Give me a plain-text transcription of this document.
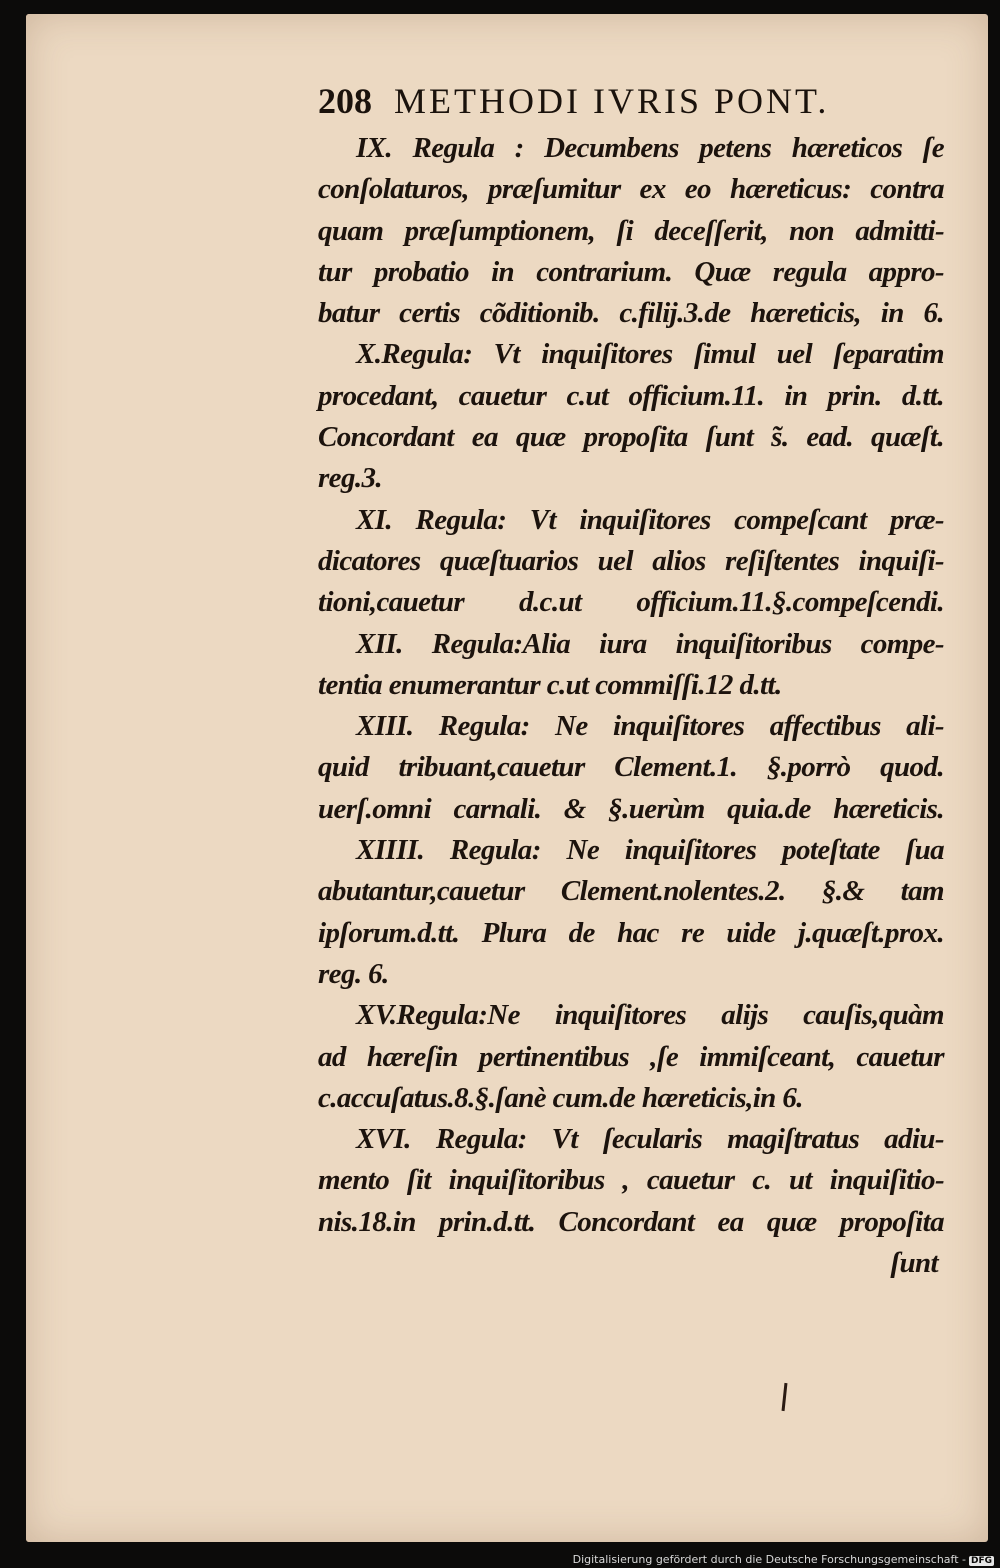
208 METHODI IVRIS PONT.
IX. Regula : Decumbens petens hæreticos ſe
conſolaturos, præſumitur ex eo hæreticus: contra
quam præſumptionem, ſi deceſſerit, non admitti-
tur probatio in contrarium. Quæ regula appro-
batur certis cõditionib. c.filij.3.de hæreticis, in 6.
X.Regula: Vt inquiſitores ſimul uel ſeparatim
procedant, cauetur c.ut officium.11. in prin. d.tt.
Concordant ea quæ propoſita ſunt s̃. ead. quæſt.
reg.3.
XI. Regula: Vt inquiſitores compeſcant præ-
dicatores quæſtuarios uel alios reſiſtentes inquiſi-
tioni,cauetur d.c.ut officium.11.§.compeſcendi.
XII. Regula:Alia iura inquiſitoribus compe-
tentia enumerantur c.ut commiſſi.12 d.tt.
XIII. Regula: Ne inquiſitores affectibus ali-
quid tribuant,cauetur Clement.1. §.porrò quod.
uerſ.omni carnali. & §.uerùm quia.de hæreticis.
XIIII. Regula: Ne inquiſitores poteſtate ſua
abutantur,cauetur Clement.nolentes.2. §.& tam
ipſorum.d.tt. Plura de hac re uide j.quæſt.prox.
reg. 6.
XV.Regula:Ne inquiſitores alijs cauſis,quàm
ad hæreſin pertinentibus ,ſe immiſceant, cauetur
c.accuſatus.8.§.ſanè cum.de hæreticis,in 6.
XVI. Regula: Vt ſecularis magiſtratus adiu-
mento ſit inquiſitoribus , cauetur c. ut inquiſitio-
nis.18.in prin.d.tt. Concordant ea quæ propoſita
ſunt
Digitalisierung gefördert durch die Deutsche Forschungsgemeinschaft - DFG
